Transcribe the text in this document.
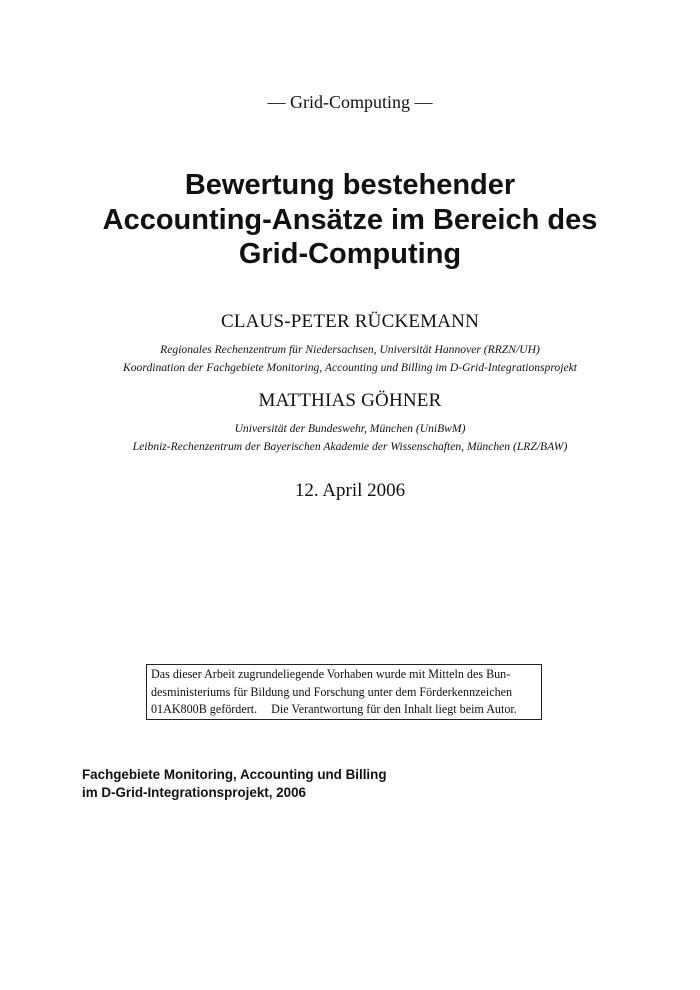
— Grid-Computing —
Bewertung bestehender
Accounting-Ansätze im Bereich des
Grid-Computing
CLAUS-PETER RÜCKEMANN
Regionales Rechenzentrum für Niedersachsen, Universität Hannover (RRZN/UH)
Koordination der Fachgebiete Monitoring, Accounting und Billing im D-Grid-Integrationsprojekt
MATTHIAS GÖHNER
Universität der Bundeswehr, München (UniBwM)
Leibniz-Rechenzentrum der Bayerischen Akademie der Wissenschaften, München (LRZ/BAW)
12. April 2006
Das dieser Arbeit zugrundeliegende Vorhaben wurde mit Mitteln des Bun-
desministeriums für Bildung und Forschung unter dem Förderkennzeichen
01AK800B gefördert. Die Verantwortung für den Inhalt liegt beim Autor.
Fachgebiete Monitoring, Accounting und Billing
im D-Grid-Integrationsprojekt, 2006
